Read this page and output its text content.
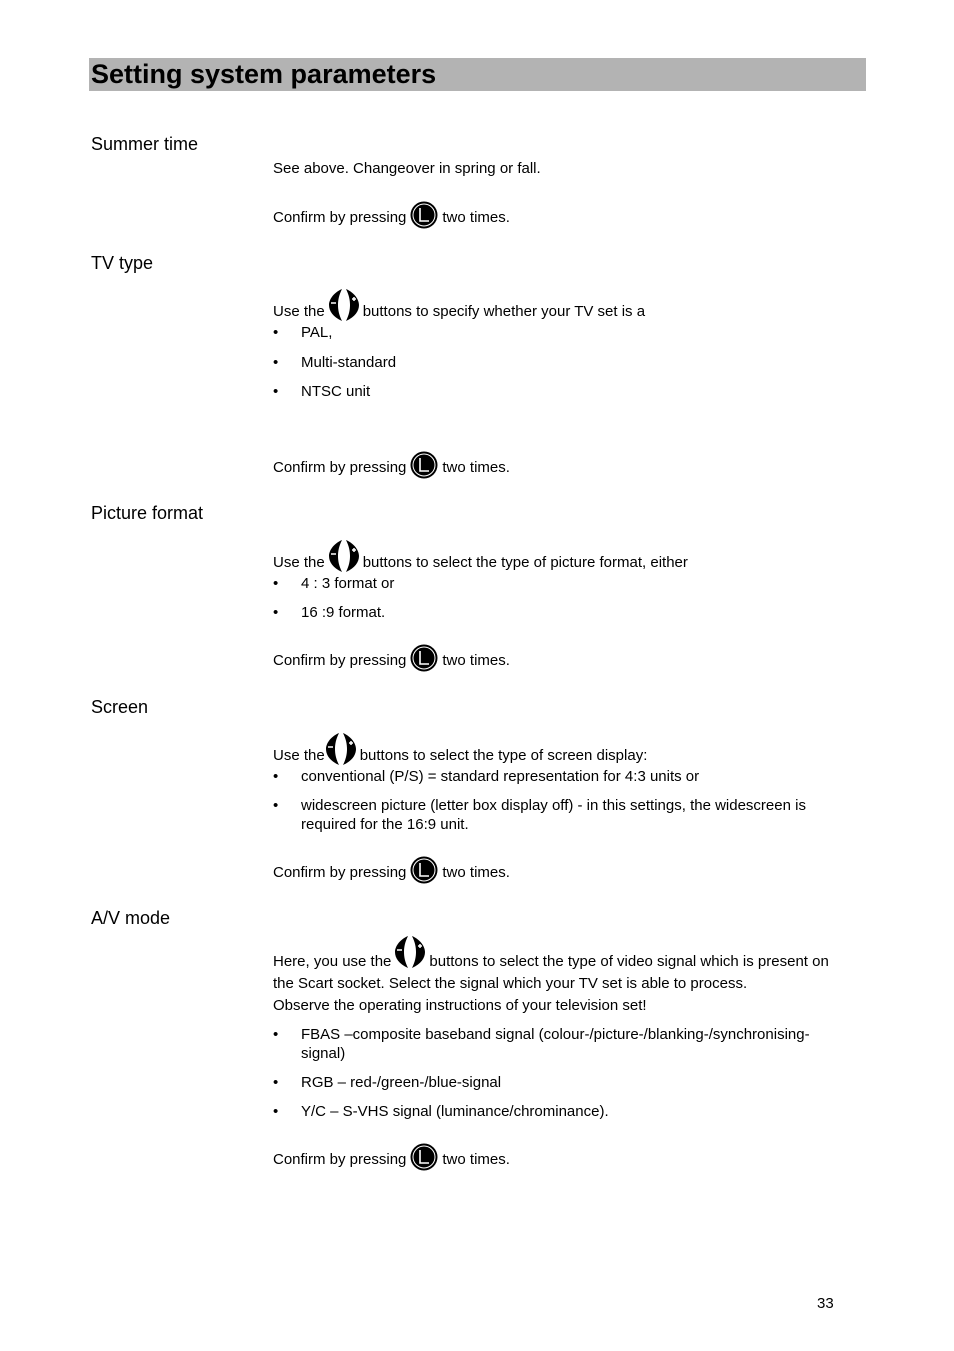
Setting system parameters
Summer time
See above. Changeover in spring or fall.
Confirm by pressing two times.
TV type
Use the	buttons to specify whether your TV set is a
• PAL,
• Multi-standard
• NTSC unit
Confirm by pressing two times.
Picture format
Use the	buttons to select the type of picture format, either
• 4 : 3 format or
• 16 :9 format.
Confirm by pressing two times.
Screen
Use the buttons to select the type of screen display:
• conventional (P/S) = standard representation for 4:3 units or
• widescreen picture (letter box display off) - in this settings, the widescreen is required for the 16:9 unit.
Confirm by pressing two times.
A/V mode
Here, you use the	buttons to select the type of video signal which is present on the Scart socket. Select the signal which your TV set is able to process.
Observe the operating instructions of your television set!
• FBAS –composite baseband signal (colour-/picture-/blanking-/synchronising-signal)
• RGB – red-/green-/blue-signal
• Y/C – S-VHS signal (luminance/chrominance).
Confirm by pressing two times.
33
